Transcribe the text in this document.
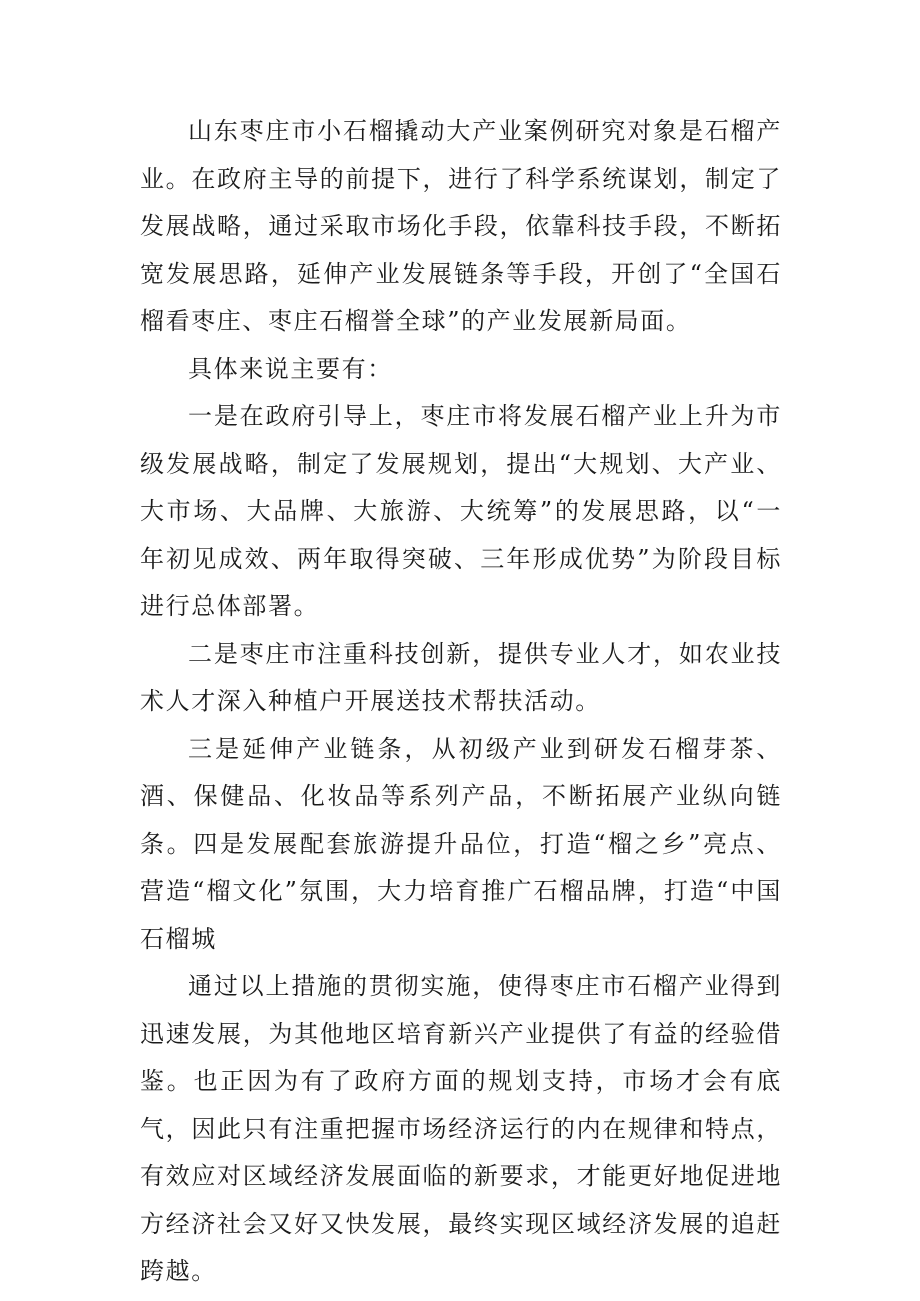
山东枣庄市小石榴撬动大产业案例研究对象是石榴产业。在政府主导的前提下，进行了科学系统谋划，制定了发展战略，通过采取市场化手段，依靠科技手段，不断拓宽发展思路，延伸产业发展链条等手段，开创了“全国石榴看枣庄、枣庄石榴誉全球”的产业发展新局面。

具体来说主要有：

一是在政府引导上，枣庄市将发展石榴产业上升为市级发展战略，制定了发展规划，提出“大规划、大产业、大市场、大品牌、大旅游、大统筹”的发展思路，以“一年初见成效、两年取得突破、三年形成优势”为阶段目标进行总体部署。

二是枣庄市注重科技创新，提供专业人才，如农业技术人才深入种植户开展送技术帮扶活动。

三是延伸产业链条，从初级产业到研发石榴芽茶、酒、保健品、化妆品等系列产品，不断拓展产业纵向链条。四是发展配套旅游提升品位，打造“榴之乡”亮点、营造“榴文化”氛围，大力培育推广石榴品牌，打造“中国石榴城

通过以上措施的贯彻实施，使得枣庄市石榴产业得到迅速发展，为其他地区培育新兴产业提供了有益的经验借鉴。也正因为有了政府方面的规划支持，市场才会有底气，因此只有注重把握市场经济运行的内在规律和特点，有效应对区域经济发展面临的新要求，才能更好地促进地方经济社会又好又快发展，最终实现区域经济发展的追赶跨越。
